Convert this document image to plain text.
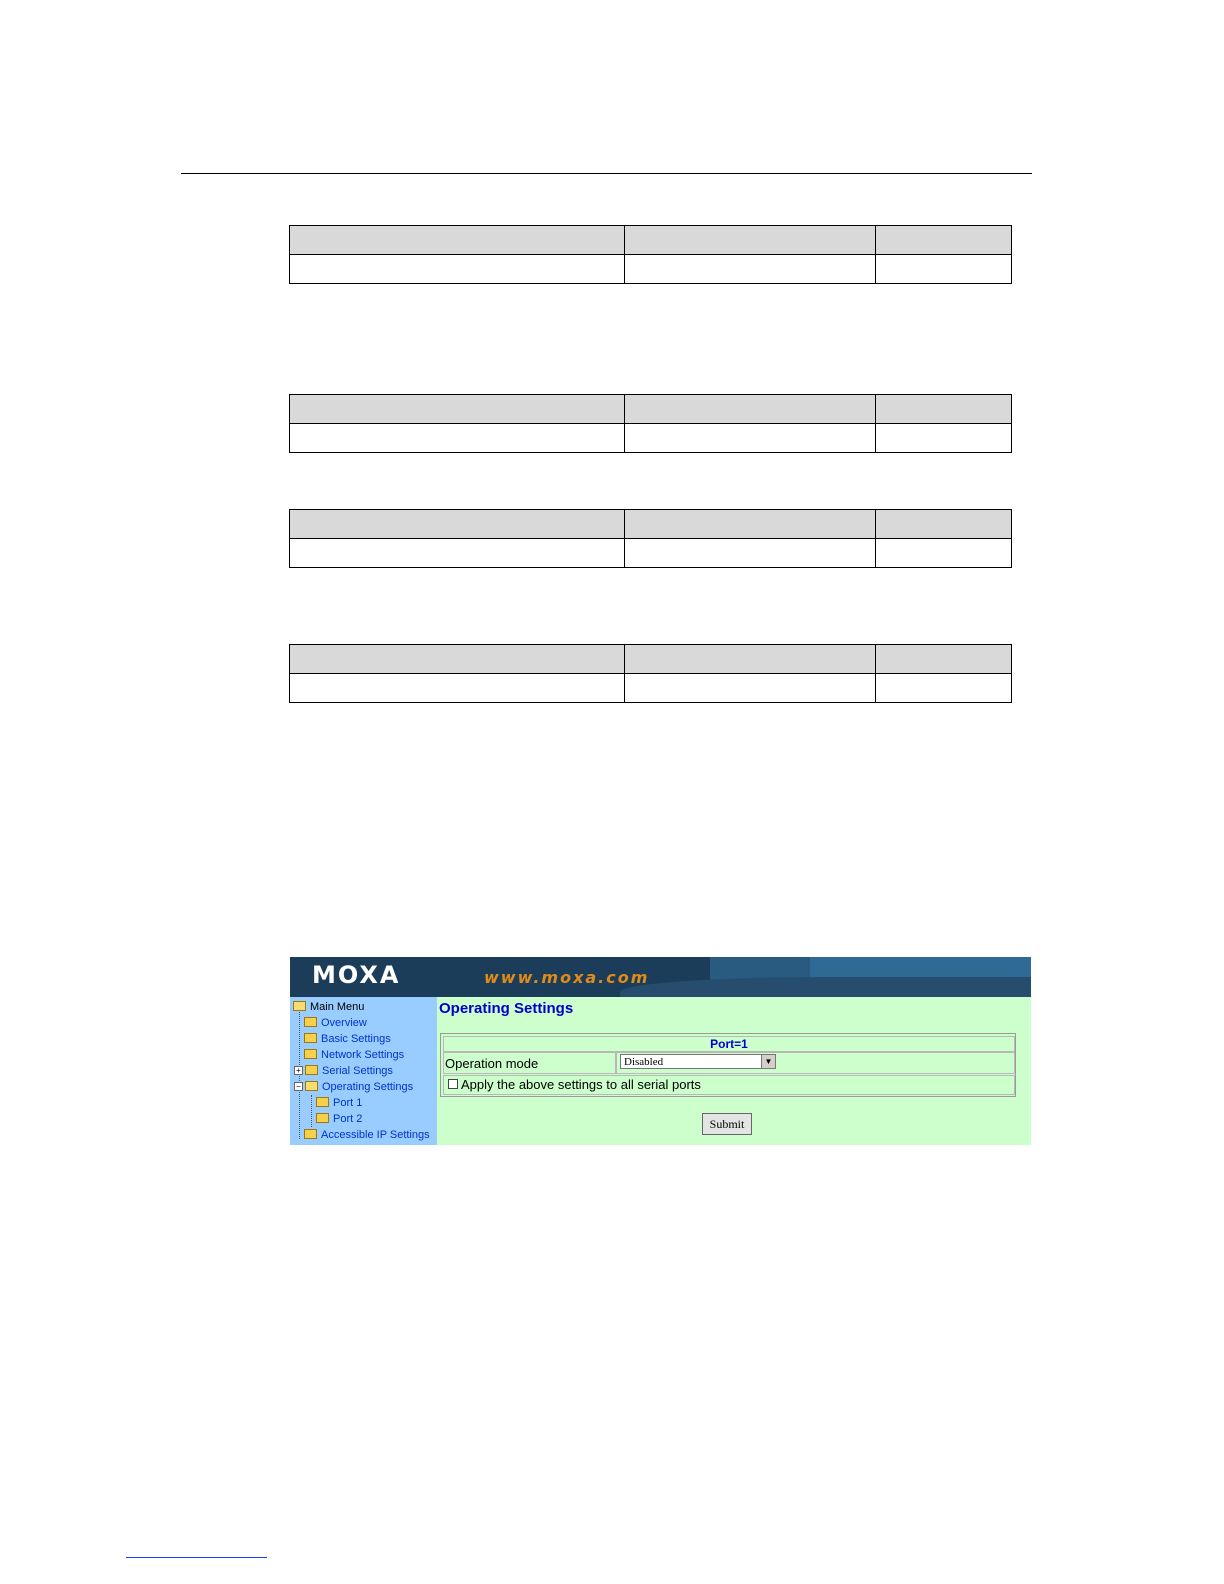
MOXA	www.moxa.com
Main Menu
Overview
Basic Settings
Network Settings
+ Serial Settings
− Operating Settings
Port 1
Port 2
Accessible IP Settings
Operating Settings
Port=1
Operation mode	Disabled	▼
Apply the above settings to all serial ports
Submit
